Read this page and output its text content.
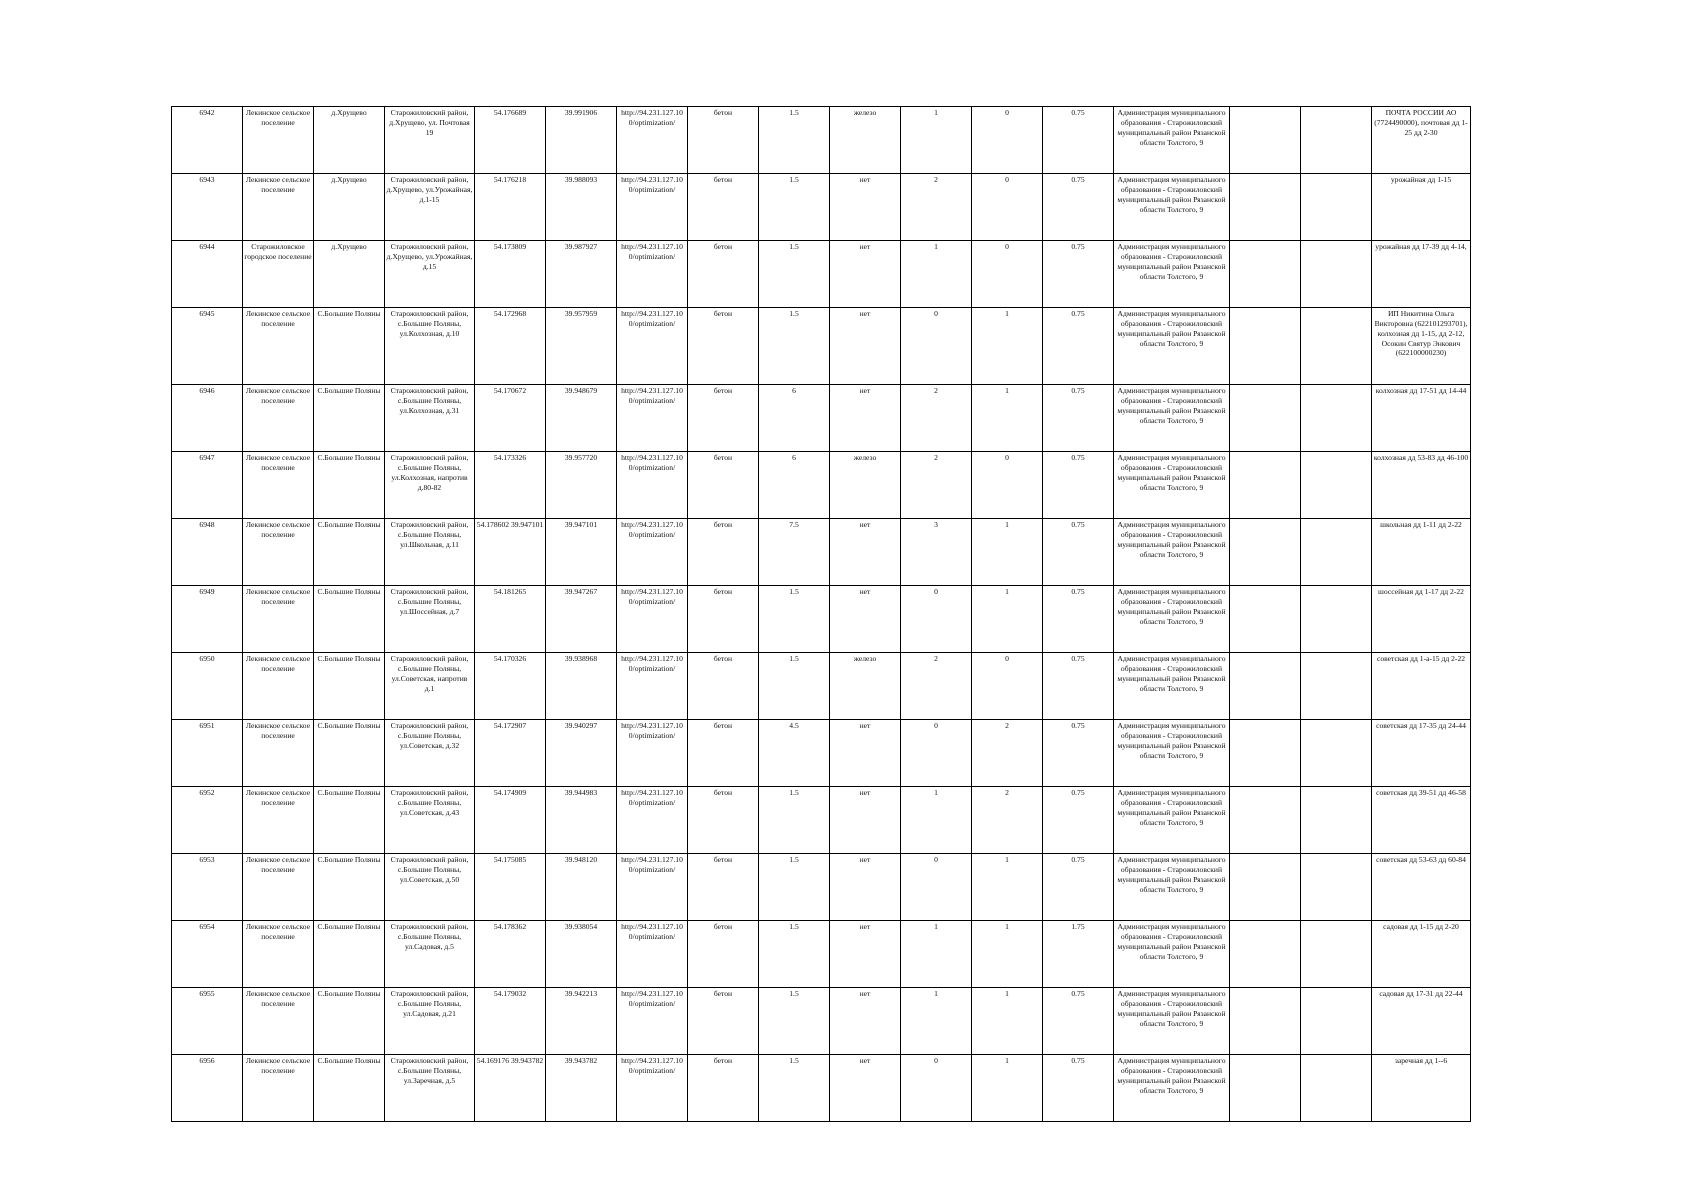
6942	Лекинское сельское поселение	д.Хрущево	Старожиловский район, д.Хрущево, ул. Почтовая 19	54.176689	39.991906	http://94.231.127.10 0/optimization/	бетон	1.5	железо	1	0	0.75	Администрация муниципального образования - Старожиловский муниципальный район Рязанской области Толстого, 9			ПОЧТА РОССИИ АО (7724490000), почтовая дд 1-25 дд 2-30
6943	Лекинское сельское поселение	д.Хрущево	Старожиловский район, д.Хрущево, ул.Урожайная, д.1-15	54.176218	39.988093	http://94.231.127.10 0/optimization/	бетон	1.5	нет	2	0	0.75	Администрация муниципального образования - Старожиловский муниципальный район Рязанской области Толстого, 9			урожайная дд 1-15
6944	Старожиловское городское поселение	д.Хрущево	Старожиловский район, д.Хрущево, ул.Урожайная, д.15	54.173809	39.987927	http://94.231.127.10 0/optimization/	бетон	1.5	нет	1	0	0.75	Администрация муниципального образования - Старожиловский муниципальный район Рязанской области Толстого, 9			урожайная дд 17-39 дд 4-14,
6945	Лекинское сельское поселение	С.Большие Поляны	Старожиловский район, с.Большие Поляны, ул.Колхозная, д.10	54.172968	39.957959	http://94.231.127.10 0/optimization/	бетон	1.5	нет	0	1	0.75	Администрация муниципального образования - Старожиловский муниципальный район Рязанской области Толстого, 9			ИП Никитина Ольга Викторовна (622101293701), колхозная дд 1-15, дд 2-12, Осокин Святур Энкович (622100000230)
6946	Лекинское сельское поселение	С.Большие Поляны	Старожиловский район, с.Большие Поляны, ул.Колхозная, д.31	54.170672	39.948679	http://94.231.127.10 0/optimization/	бетон	6	нет	2	1	0.75	Администрация муниципального образования - Старожиловский муниципальный район Рязанской области Толстого, 9			колхозная дд 17-51 дд 14-44
6947	Лекинское сельское поселение	С.Большие Поляны	Старожиловский район, с.Большие Поляны, ул.Колхозная, напротив д.80-82	54.173326	39.957720	http://94.231.127.10 0/optimization/	бетон	6	железо	2	0	0.75	Администрация муниципального образования - Старожиловский муниципальный район Рязанской области Толстого, 9			колхозная дд 53-83 дд 46-100
6948	Лекинское сельское поселение	С.Большие Поляны	Старожиловский район, с.Большие Поляны, ул.Школьная, д.11	54.178602 39.947101	39.947101	http://94.231.127.10 0/optimization/	бетон	7.5	нет	3	1	0.75	Администрация муниципального образования - Старожиловский муниципальный район Рязанской области Толстого, 9			школьная дд 1-11 дд 2-22
6949	Лекинское сельское поселение	С.Большие Поляны	Старожиловский район, с.Большие Поляны, ул.Шоссейная, д.7	54.181265	39.947267	http://94.231.127.10 0/optimization/	бетон	1.5	нет	0	1	0.75	Администрация муниципального образования - Старожиловский муниципальный район Рязанской области Толстого, 9			шоссейная дд 1-17 дд 2-22
6950	Лекинское сельское поселение	С.Большие Поляны	Старожиловский район, с.Большие Поляны, ул.Советская, напротив д.1	54.170326	39.938968	http://94.231.127.10 0/optimization/	бетон	1.5	железо	2	0	0.75	Администрация муниципального образования - Старожиловский муниципальный район Рязанской области Толстого, 9			советская дд 1-а-15 дд 2-22
6951	Лекинское сельское поселение	С.Большие Поляны	Старожиловский район, с.Большие Поляны, ул.Советская, д.32	54.172907	39.940297	http://94.231.127.10 0/optimization/	бетон	4.5	нет	0	2	0.75	Администрация муниципального образования - Старожиловский муниципальный район Рязанской области Толстого, 9			советская дд 17-35 дд 24-44
6952	Лекинское сельское поселение	С.Большие Поляны	Старожиловский район, с.Большие Поляны, ул.Советская, д.43	54.174909	39.944983	http://94.231.127.10 0/optimization/	бетон	1.5	нет	1	2	0.75	Администрация муниципального образования - Старожиловский муниципальный район Рязанской области Толстого, 9			советская дд 39-51 дд 46-58
6953	Лекинское сельское поселение	С.Большие Поляны	Старожиловский район, с.Большие Поляны, ул.Советская, д.50	54.175085	39.948120	http://94.231.127.10 0/optimization/	бетон	1.5	нет	0	1	0.75	Администрация муниципального образования - Старожиловский муниципальный район Рязанской области Толстого, 9			советская дд 53-63 дд 60-84
6954	Лекинское сельское поселение	С.Большие Поляны	Старожиловский район, с.Большие Поляны, ул.Садовая, д.5	54.178362	39.938054	http://94.231.127.10 0/optimization/	бетон	1.5	нет	1	1	1.75	Администрация муниципального образования - Старожиловский муниципальный район Рязанской области Толстого, 9			садовая дд 1-15 дд 2-20
6955	Лекинское сельское поселение	С.Большие Поляны	Старожиловский район, с.Большие Поляны, ул.Садовая, д.21	54.179032	39.942213	http://94.231.127.10 0/optimization/	бетон	1.5	нет	1	1	0.75	Администрация муниципального образования - Старожиловский муниципальный район Рязанской области Толстого, 9			садовая дд 17-31 дд 22-44
6956	Лекинское сельское поселение	С.Большие Поляны	Старожиловский район, с.Большие Поляны, ул.Заречная, д.5	54.169176 39.943782	39.943782	http://94.231.127.10 0/optimization/	бетон	1.5	нет	0	1	0.75	Администрация муниципального образования - Старожиловский муниципальный район Рязанской области Толстого, 9			заречная дд 1--6
